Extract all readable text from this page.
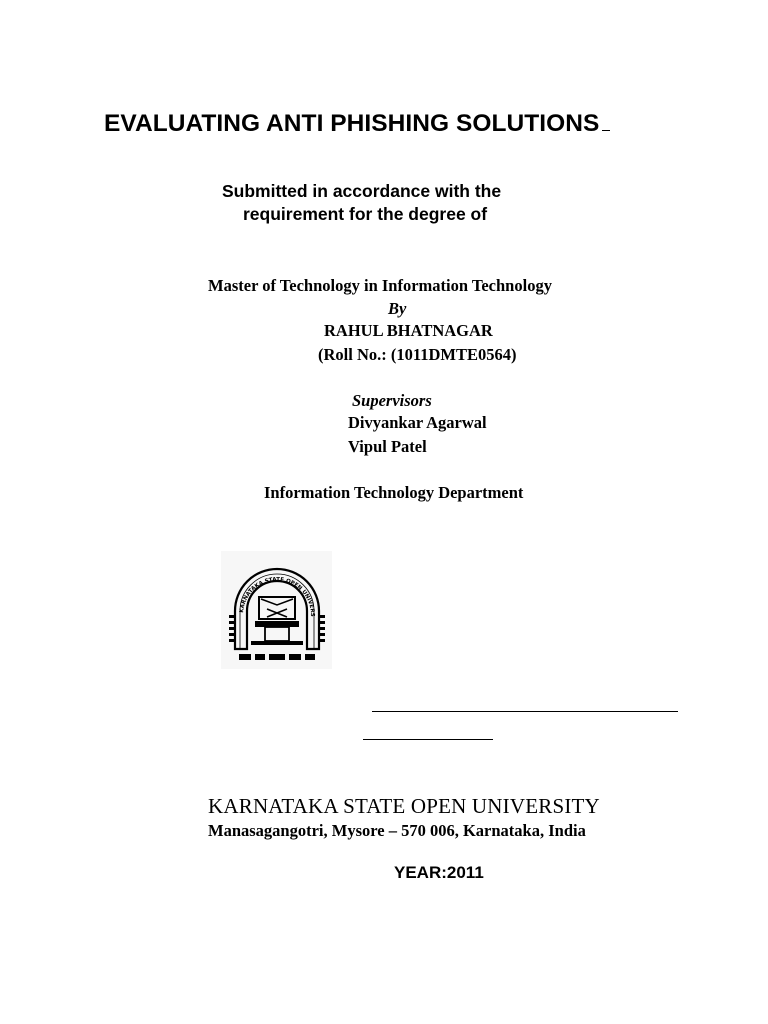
EVALUATING ANTI PHISHING SOLUTIONS
Submitted in accordance with the
requirement for the degree of
Master of Technology in Information Technology
By
RAHUL BHATNAGAR
(Roll No.: (1011DMTE0564)
Supervisors
Divyankar Agarwal
Vipul Patel
Information Technology Department
KARNATAKA STATE OPEN UNIVERS
KARNATAKA STATE OPEN UNIVERSITY
Manasagangotri, Mysore – 570 006, Karnataka, India
YEAR:2011
